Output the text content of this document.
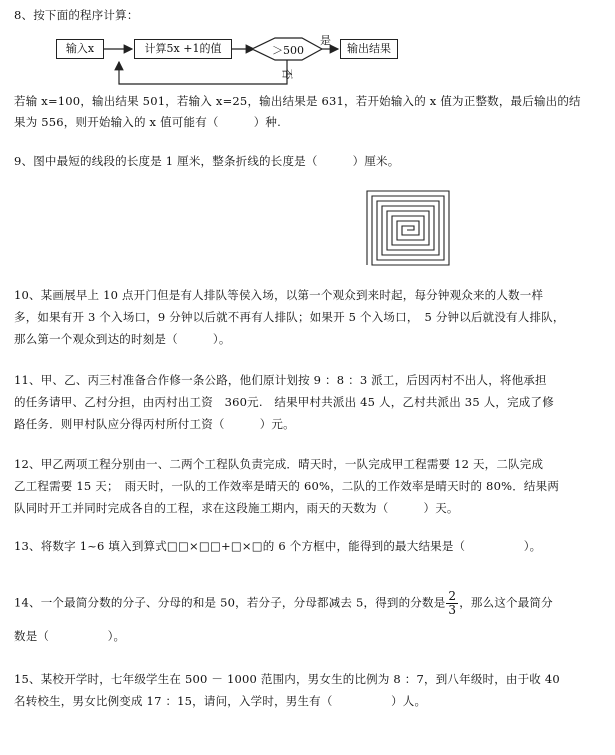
8、按下面的程序计算：
输入x	计算5x +1的值	＞500
是
否
输出结果
若输 x=100，输出结果 501，若输入 x=25，输出结果是 631，若开始输入的 x 值为正整数，最后输出的结
果为 556，则开始输入的 x 值可能有（　　　）种.
9、图中最短的线段的长度是 1 厘米，整条折线的长度是（　　　）厘米。
10、某画展早上 10 点开门但是有人排队等侯入场，以第一个观众到来时起，每分钟观众来的人数一样
多，如果有开 3 个入场口，9 分钟以后就不再有人排队；如果开 5 个入场口，　5 分钟以后就没有人排队，
那么第一个观众到达的时刻是（　　　）。
11、甲、乙、丙三村准备合作修一条公路，他们原计划按 9 ：8 ：3 派工，后因丙村不出人，将他承担
的任务请甲、乙村分担，由丙村出工资　360元.　结果甲村共派出 45 人，乙村共派出 35 人，完成了修
路任务．则甲村队应分得丙村所付工资（　　　）元。
12、甲乙两项工程分别由一、二两个工程队负责完成．晴天时，一队完成甲工程需要 12 天，二队完成
乙工程需要 15 天；　雨天时，一队的工作效率是晴天的 60%，二队的工作效率是晴天时的 80%．结果两
队同时开工并同时完成各自的工程，求在这段施工期内，雨天的天数为（　　　）天。
13、将数字 1~6 填入到算式□□×□□+□×□的 6 个方框中，能得到的最大结果是（　　　　　）。
14、一个最简分数的分子、分母的和是 50，若分子，分母都减去 5，得到的分数是 $\frac{2}{3}$ ，那么这个最简分
数是（　　　　　）。
15、某校开学时，七年级学生在 500 － 1000 范围内，男女生的比例为 8 ：7，到八年级时，由于收 40
名转校生，男女比例变成 17 ：15，请问，入学时，男生有（　　　　　）人。
